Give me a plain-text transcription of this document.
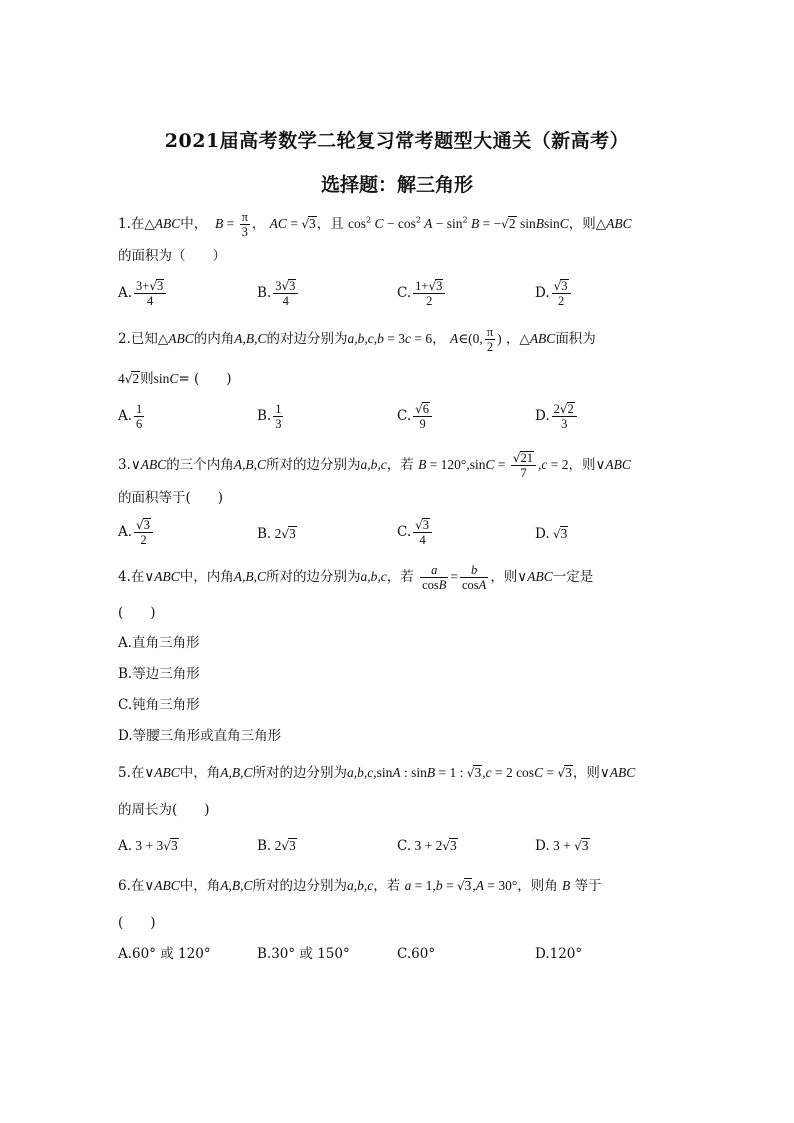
2021届高考数学二轮复习常考题型大通关（新高考）
选择题：解三角形
1.在△ABC中，  $B = \frac{\pi}{3}$ ， AC = √3，且 $\cos^2 C - \cos^2 A - \sin^2 B = -√2$ sinBsinC，则△ABC
的面积为（　　）
A. $\frac{3+√3}{4}$	B. $\frac{3√3}{4}$	C. $\frac{1+√3}{2}$	D. $\frac{√3}{2}$
2.已知△ABC的内角A,B,C的对边分别为a,b,c,b = 3c = 6， A∈(0, $\frac{\pi}{2}$ ) ，△ABC面积为
4√2则sinC= (　　)
A. $\frac{1}{6}$	B. $\frac{1}{3}$	C. $\frac{√6}{9}$	D. $\frac{2√2}{3}$
3.∨ABC的三个内角A,B,C所对的边分别为a,b,c，若 $B = 120^\circ,\sin C = \frac{√21}{7} ,c = 2$，则∨ABC
的面积等于(　　)
A. $\frac{√3}{2}$	B. 2√3	C. $\frac{√3}{4}$	D. √3
4.在∨ABC中，内角A,B,C所对的边分别为a,b,c，若 $\frac{a}{\cos B} = \frac{b}{\cos A}$ ，则∨ABC一定是
(　　)
A.直角三角形
B.等边三角形
C.钝角三角形
D.等腰三角形或直角三角形
5.在∨ABC中，角A,B,C所对的边分别为a,b,c,sinA : sinB = 1 : √3,c = 2 cosC = √3，则∨ABC
的周长为(　　)
A. 3 + 3√3	B. 2√3	C. 3 + 2√3	D. 3 + √3
6.在∨ABC中，角A,B,C所对的边分别为a,b,c，若 a = 1,b = √3,A = 30°，则角 B 等于
(　　)
A.60° 或 120°	B.30° 或 150°	C.60°	D.120°
